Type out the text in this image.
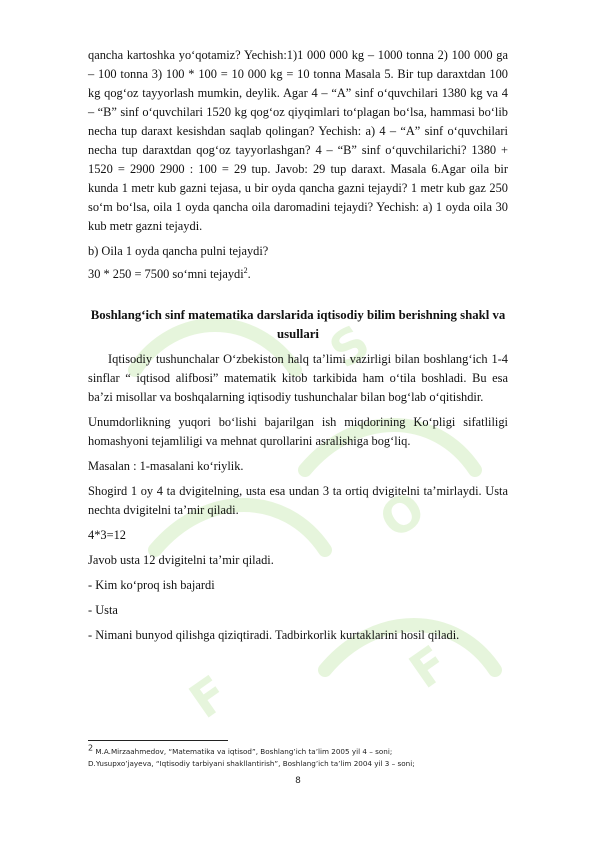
S
O
F
F

qancha kartoshka yo‘qotamiz? Yechish:1)1 000 000 kg – 1000 tonna 2) 100 000 ga – 100 tonna 3) 100 * 100 = 10 000 kg = 10 tonna Masala 5. Bir tup daraxtdan 100 kg qog‘oz tayyorlash mumkin, deylik. Agar 4 – “A” sinf o‘quvchilari 1380 kg va 4 – “B” sinf o‘quvchilari 1520 kg qog‘oz qiyqimlari to‘plagan bo‘lsa, hammasi bo‘lib necha tup daraxt kesishdan saqlab qolingan? Yechish: a) 4 – “A” sinf o‘quvchilari necha tup daraxtdan qog‘oz tayyorlashgan? 4 – “B” sinf o‘quvchilarichi? 1380 + 1520 = 2900 2900 : 100 = 29 tup. Javob: 29 tup daraxt. Masala 6.Agar oila bir kunda 1 metr kub gazni tejasa, u bir oyda qancha gazni tejaydi? 1 metr kub gaz 250 so‘m bo‘lsa, oila 1 oyda qancha oila daromadini tejaydi? Yechish: a) 1 oyda oila 30 kub metr gazni tejaydi.

b) Oila 1 oyda qancha pulni tejaydi?

30 * 250 = 7500 so‘mni tejaydi$^2$.

Boshlang‘ich sinf matematika darslarida iqtisodiy bilim berishning shakl va usullari

Iqtisodiy tushunchalar O‘zbekiston halq ta’limi vazirligi bilan boshlang‘ich 1-4 sinflar “ iqtisod alifbosi” matematik kitob tarkibida ham o‘tila boshladi. Bu esa ba’zi misollar va boshqalarning iqtisodiy tushunchalar bilan bog‘lab o‘qitishdir.

Unumdorlikning yuqori bo‘lishi bajarilgan ish miqdorining Ko‘pligi sifatliligi homashyoni tejamliligi va mehnat qurollarini asralishiga bog‘liq.

Masalan : 1-masalani ko‘riylik.

Shogird 1 oy 4 ta dvigitelning, usta esa undan 3 ta ortiq dvigitelni ta’mirlaydi. Usta nechta dvigitelni ta’mir qiladi.

4*3=12

Javob usta 12 dvigitelni ta’mir qiladi.

- Kim ko‘proq ish bajardi

- Usta

- Nimani bunyod qilishga qiziqtiradi. Tadbirkorlik kurtaklarini hosil qiladi.

$^2$ M.A.Mirzaahmedov, “Matematika va iqtisod”, Boshlang’ich ta’lim 2005 yil 4 – soni;
D.Yusupxo’jayeva, “Iqtisodiy tarbiyani shakllantirish”, Boshlang’ich ta’lim 2004 yil 3 – soni;
8
